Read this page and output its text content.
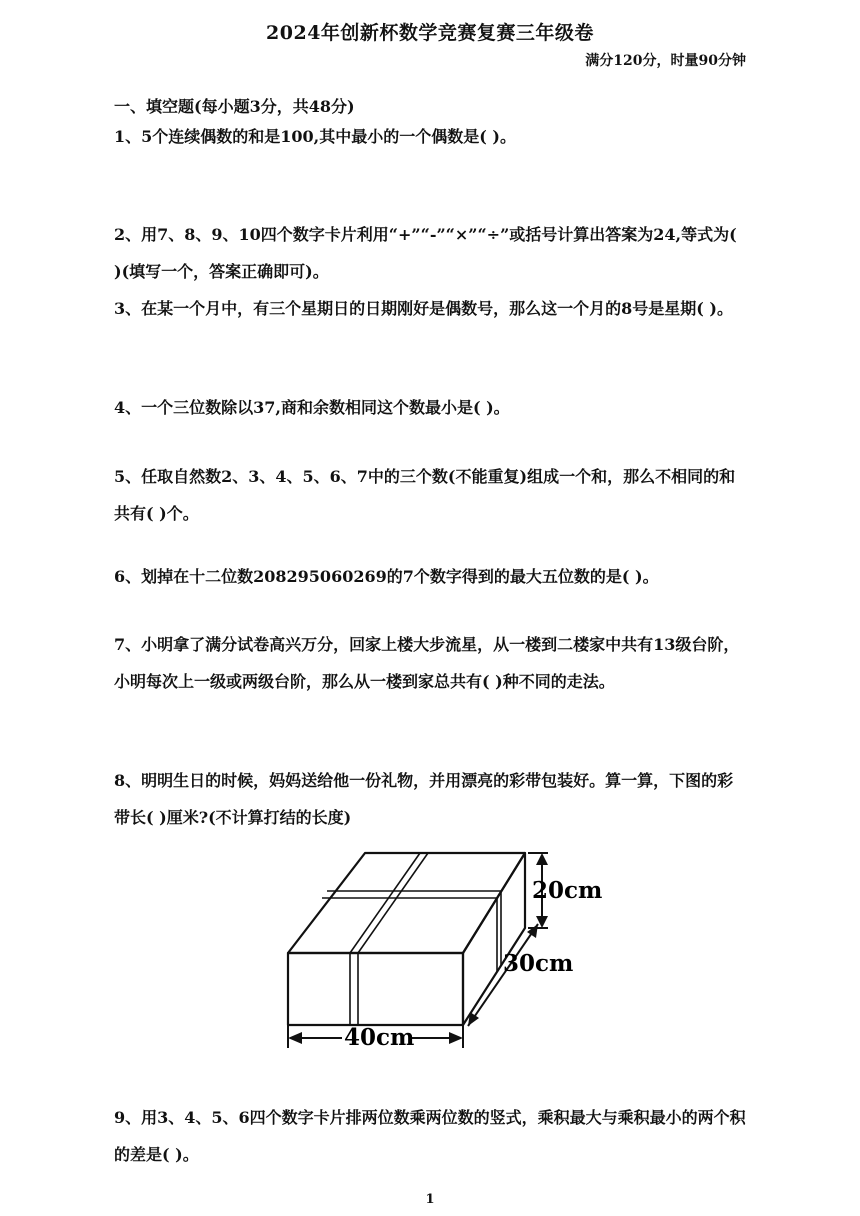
2024年创新杯数学竞赛复赛三年级卷
满分120分，时量90分钟
一、填空题(每小题3分，共48分)
1、5个连续偶数的和是100,其中最小的一个偶数是( )。
2、用7、8、9、10四个数字卡片利用“+”“-”“×”“÷”或括号计算出答案为24,等式为( )(填写一个，答案正确即可)。
3、在某一个月中，有三个星期日的日期刚好是偶数号，那么这一个月的8号是星期( )。
4、一个三位数除以37,商和余数相同这个数最小是( )。
5、任取自然数2、3、4、5、6、7中的三个数(不能重复)组成一个和，那么不相同的和共有( )个。
6、划掉在十二位数208295060269的7个数字得到的最大五位数的是( )。
7、小明拿了满分试卷高兴万分，回家上楼大步流星，从一楼到二楼家中共有13级台阶，小明每次上一级或两级台阶，那么从一楼到家总共有( )种不同的走法。
8、明明生日的时候，妈妈送给他一份礼物，并用漂亮的彩带包装好。算一算，下图的彩带长( )厘米?(不计算打结的长度)
20cm
30cm
40cm
9、用3、4、5、6四个数字卡片排两位数乘两位数的竖式，乘积最大与乘积最小的两个积的差是( )。
1
